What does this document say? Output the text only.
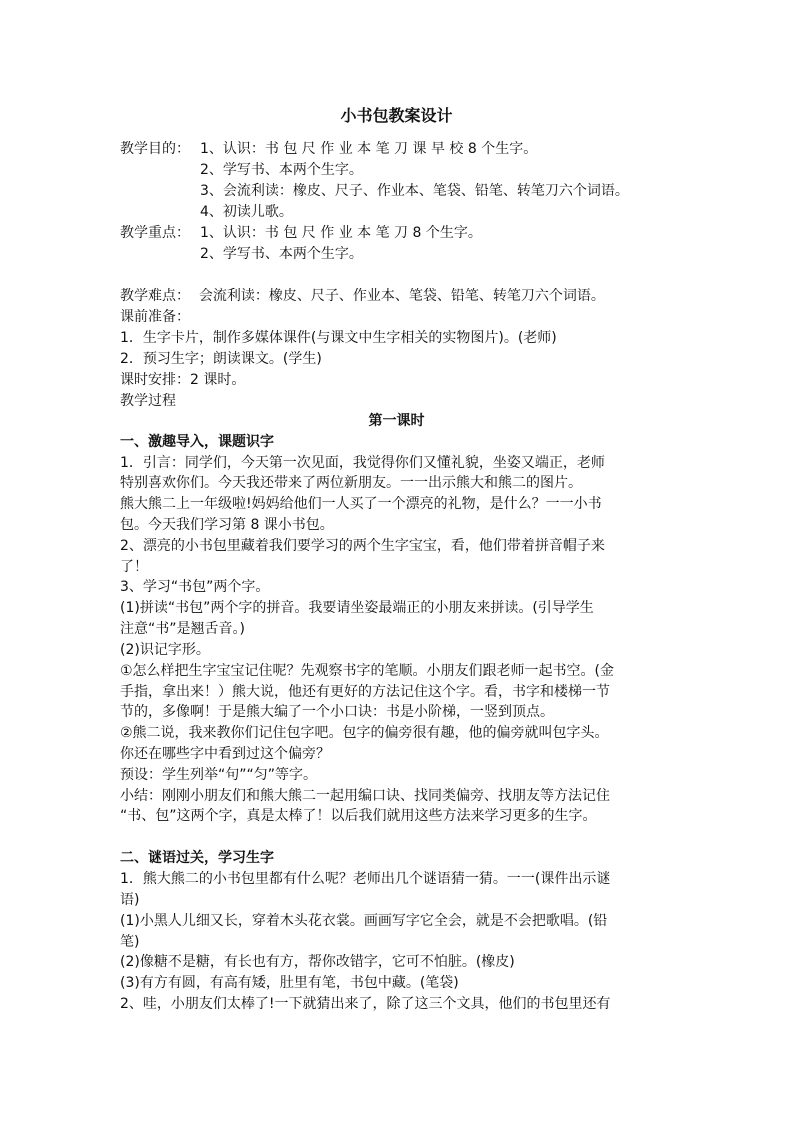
小书包教案设计
教学目的： 1、认识：书 包 尺 作 业 本 笔 刀 课 早 校 8 个生字。
2、学写书、本两个生字。
3、会流利读：橡皮、尺子、作业本、笔袋、铅笔、转笔刀六个词语。
4、初读儿歌。
教学重点： 1、认识：书 包 尺 作 业 本 笔 刀 8 个生字。
2、学写书、本两个生字。
教学难点：  会流利读：橡皮、尺子、作业本、笔袋、铅笔、转笔刀六个词语。
课前准备：
1．生字卡片，制作多媒体课件(与课文中生字相关的实物图片)。(老师)
2．预习生字；朗读课文。(学生)
课时安排：2 课时。
教学过程
第一课时
一、激趣导入，课题识字
1．引言：同学们，今天第一次见面，我觉得你们又懂礼貌，坐姿又端正，老师
特别喜欢你们。今天我还带来了两位新朋友。一一出示熊大和熊二的图片。
熊大熊二上一年级啦!妈妈给他们一人买了一个漂亮的礼物，是什么？一一小书
包。今天我们学习第 8 课小书包。
2、漂亮的小书包里藏着我们要学习的两个生字宝宝，看，他们带着拼音帽子来
了！
3、学习“书包”两个字。
(1)拼读“书包”两个字的拼音。我要请坐姿最端正的小朋友来拼读。(引导学生
注意“书”是翘舌音。)
(2)识记字形。
①怎么样把生字宝宝记住呢？先观察书字的笔顺。小朋友们跟老师一起书空。(金
手指，拿出来！）熊大说，他还有更好的方法记住这个字。看，书字和楼梯一节
节的，多像啊！于是熊大编了一个小口诀：书是小阶梯，一竖到顶点。
②熊二说，我来教你们记住包字吧。包字的偏旁很有趣，他的偏旁就叫包字头。
你还在哪些字中看到过这个偏旁？
预设：学生列举“句”“匀”等字。
小结：刚刚小朋友们和熊大熊二一起用编口诀、找同类偏旁、找朋友等方法记住
“书、包”这两个字，真是太棒了！以后我们就用这些方法来学习更多的生字。
二、谜语过关，学习生字
1．熊大熊二的小书包里都有什么呢？老师出几个谜语猜一猜。一一(课件出示谜
语)
(1)小黑人儿细又长，穿着木头花衣裳。画画写字它全会，就是不会把歌唱。(铅
笔)
(2)像糖不是糖，有长也有方，帮你改错字，它可不怕脏。(橡皮)
(3)有方有圆，有高有矮，肚里有笔，书包中藏。(笔袋)
2、哇，小朋友们太棒了!一下就猜出来了，除了这三个文具，他们的书包里还有
